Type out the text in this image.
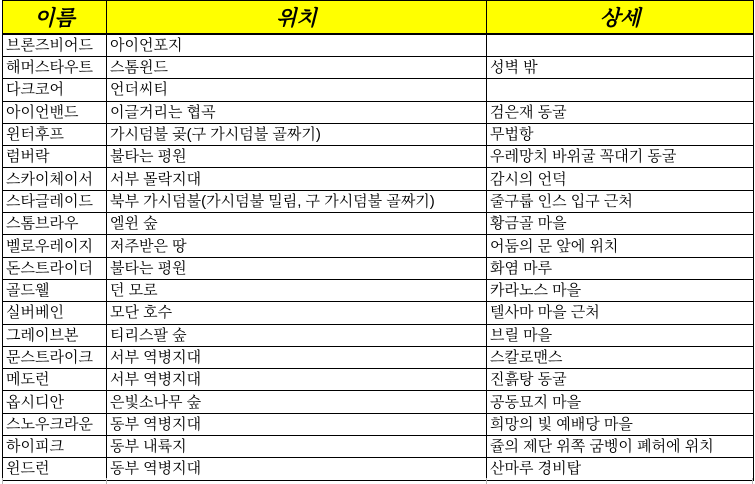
이름	위치	상세
브론즈비어드	아이언포지	
해머스타우트	스톰윈드	성벽 밖
다크코어	언더씨티	
아이언밴드	이글거리는 협곡	검은재 동굴
윈터후프	가시덤불 곶(구 가시덤불 골짜기)	무법항
럼버락	불타는 평원	우레망치 바위굴 꼭대기 동굴
스카이체이서	서부 몰락지대	감시의 언덕
스타글레이드	북부 가시덤불(가시덤불 밀림, 구 가시덤불 골짜기)	줄구룹 인스 입구 근처
스톰브라우	엘윈 숲	황금골 마을
벨로우레이지	저주받은 땅	어둠의 문 앞에 위치
돈스트라이더	불타는 평원	화염 마루
골드웰	던 모로	카라노스 마을
실버베인	모단 호수	텔사마 마을 근처
그레이브본	티리스팔 숲	브릴 마을
문스트라이크	서부 역병지대	스칼로맨스
메도런	서부 역병지대	진흙탕 동굴
옵시디안	은빛소나무 숲	공동묘지 마을
스노우크라운	동부 역병지대	희망의 빛 예배당 마을
하이피크	동부 내륙지	쥴의 제단 위쪽 굼벵이 폐허에 위치
윈드런	동부 역병지대	산마루 경비탑
